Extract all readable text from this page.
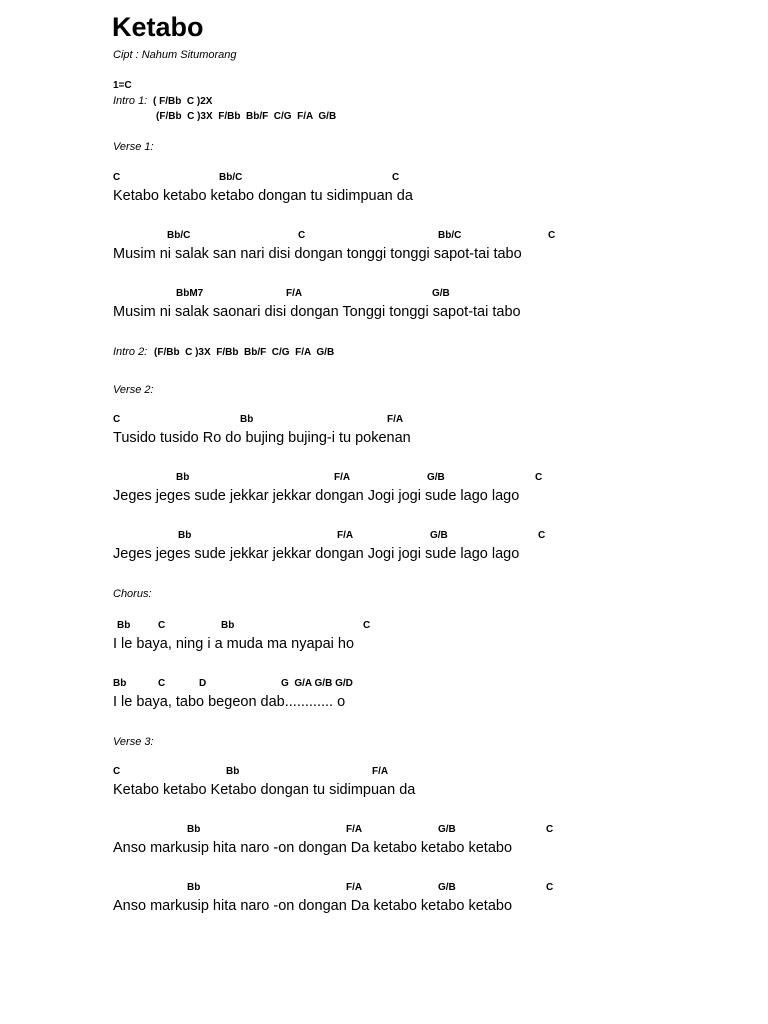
Ketabo
Cipt : Nahum Situmorang
1=C
Intro 1: ( F/Bb  C )2X
(F/Bb  C )3X  F/Bb  Bb/F  C/G  F/A  G/B
Verse 1:
C	Bb/C	C
Ketabo ketabo ketabo dongan tu sidimpuan da
Bb/C	C	Bb/C	C
Musim ni salak san nari disi dongan tonggi tonggi sapot-tai tabo
BbM7	F/A	G/B
Musim ni salak saonari disi dongan Tonggi tonggi sapot-tai tabo
Intro 2: (F/Bb  C )3X  F/Bb  Bb/F  C/G  F/A  G/B
Verse 2:
C	Bb	F/A
Tusido tusido Ro do bujing bujing-i tu pokenan
Bb	F/A	G/B	C
Jeges jeges sude jekkar jekkar dongan Jogi jogi sude lago lago
Bb	F/A	G/B	C
Jeges jeges sude jekkar jekkar dongan Jogi jogi sude lago lago
Chorus:
Bb	C	Bb	C
I le baya, ning i a muda ma nyapai ho
Bb	C	D	G  G/A G/B G/D
I le baya, tabo begeon dab............ o
Verse 3:
C	Bb	F/A
Ketabo ketabo Ketabo dongan tu sidimpuan da
Bb	F/A	G/B	C
Anso markusip hita naro -on dongan Da ketabo ketabo ketabo
Bb	F/A	G/B	C
Anso markusip hita naro -on dongan Da ketabo ketabo ketabo
